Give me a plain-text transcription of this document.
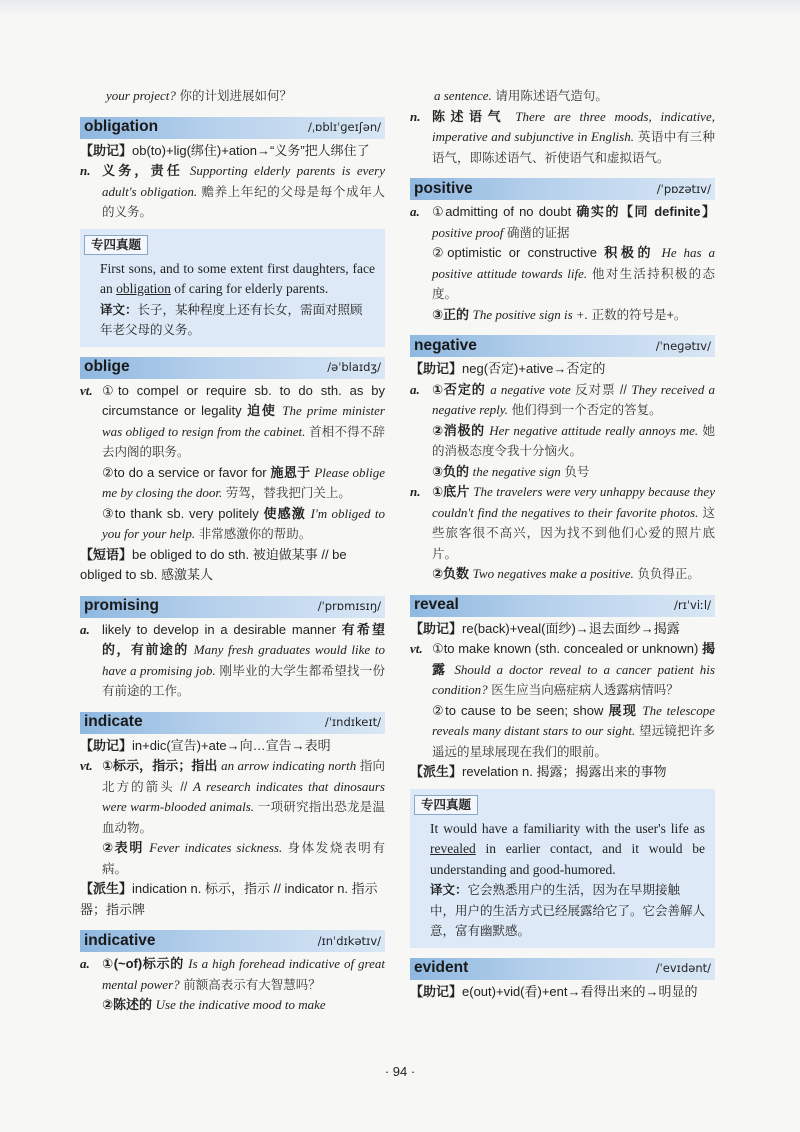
your project? 你的计划进展如何？
obligation	/ˌɒblɪˈɡeɪʃən/
【助记】ob(to)+lig(绑住)+ation→“义务”把人绑住了
n. 义务，责任 Supporting elderly parents is every adult's obligation. 赡养上年纪的父母是每个成年人的义务。
专四真题
First sons, and to some extent first daughters, face an obligation of caring for elderly parents.
译文：长子，某种程度上还有长女，需面对照顾年老父母的义务。
oblige	/əˈblaɪdʒ/
vt. ①to compel or require sb. to do sth. as by circumstance or legality 迫使 The prime minister was obliged to resign from the cabinet. 首相不得不辞去内阁的职务。
②to do a service or favor for 施恩于 Please oblige me by closing the door. 劳驾，替我把门关上。
③to thank sb. very politely 使感激 I'm obliged to you for your help. 非常感激你的帮助。
【短语】be obliged to do sth. 被迫做某事 // be obliged to sb. 感激某人
promising	/ˈprɒmɪsɪŋ/
a. likely to develop in a desirable manner 有希望的，有前途的 Many fresh graduates would like to have a promising job. 刚毕业的大学生都希望找一份有前途的工作。
indicate	/ˈɪndɪkeɪt/
【助记】in+dic(宣告)+ate→向…宣告→表明
vt. ①标示，指示；指出 an arrow indicating north 指向北方的箭头 // A research indicates that dinosaurs were warm-blooded animals. 一项研究指出恐龙是温血动物。
②表明 Fever indicates sickness. 身体发烧表明有病。
【派生】indication n. 标示，指示 // indicator n. 指示器；指示牌
indicative	/ɪnˈdɪkətɪv/
a. ①(~of)标示的 Is a high forehead indicative of great mental power? 前额高表示有大智慧吗？
②陈述的 Use the indicative mood to make
a sentence. 请用陈述语气造句。
n. 陈述语气 There are three moods, indicative, imperative and subjunctive in English. 英语中有三种语气，即陈述语气、祈使语气和虚拟语气。
positive	/ˈpɒzətɪv/
a. ①admitting of no doubt 确实的【同 definite】 positive proof 确凿的证据
②optimistic or constructive 积极的 He has a positive attitude towards life. 他对生活持积极的态度。
③正的 The positive sign is +. 正数的符号是+。
negative	/ˈneɡətɪv/
【助记】neg(否定)+ative→否定的
a. ①否定的 a negative vote 反对票 // They received a negative reply. 他们得到一个否定的答复。
②消极的 Her negative attitude really annoys me. 她的消极态度令我十分恼火。
③负的 the negative sign 负号
n. ①底片 The travelers were very unhappy because they couldn't find the negatives to their favorite photos. 这些旅客很不高兴，因为找不到他们心爱的照片底片。
②负数 Two negatives make a positive. 负负得正。
reveal	/rɪˈviːl/
【助记】re(back)+veal(面纱)→退去面纱→揭露
vt. ①to make known (sth. concealed or unknown) 揭露 Should a doctor reveal to a cancer patient his condition? 医生应当向癌症病人透露病情吗？
②to cause to be seen; show 展现 The telescope reveals many distant stars to our sight. 望远镜把许多遥远的星球展现在我们的眼前。
【派生】revelation n. 揭露；揭露出来的事物
专四真题
It would have a familiarity with the user's life as revealed in earlier contact, and it would be understanding and good-humored.
译文：它会熟悉用户的生活，因为在早期接触中，用户的生活方式已经展露给它了。它会善解人意，富有幽默感。
evident	/ˈevɪdənt/
【助记】e(out)+vid(看)+ent→看得出来的→明显的
· 94 ·
